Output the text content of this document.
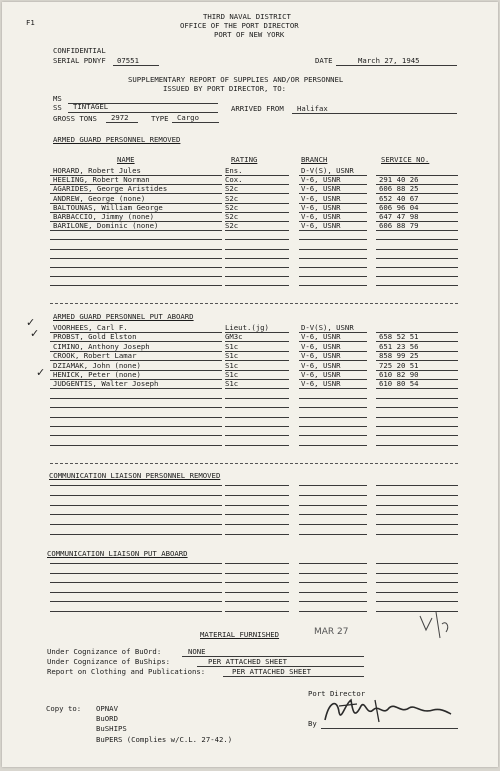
F1
THIRD NAVAL DISTRICT
OFFICE OF THE PORT DIRECTOR
PORT OF NEW YORK
CONFIDENTIAL
SERIAL PDNYF 07551	DATE	March 27, 1945
SUPPLEMENTARY REPORT OF SUPPLIES AND/OR PERSONNEL
ISSUED BY PORT DIRECTOR, TO:
MS
SS TINTAGEL	ARRIVED FROM Halifax
GROSS TONS 2972	TYPE Cargo
ARMED GUARD PERSONNEL REMOVED
NAME	RATING	BRANCH	SERVICE NO.
HORARD, Robert Jules	Ens.	D-V(S), USNR
HEELING, Robert Norman	Cox.	V-6, USNR	291 40 26
AGARIDES, George Aristides	S2c	V-6, USNR	606 88 25
ANDREW, George (none)	S2c	V-6, USNR	652 40 67
BALTOUNAS, William George	S2c	V-6, USNR	606 96 04
BARBACCIO, Jimmy (none)	S2c	V-6, USNR	647 47 98
BARILONE, Dominic (none)	S2c	V-6, USNR	606 88 79
ARMED GUARD PERSONNEL PUT ABOARD
✓
✓
✓
VOORHEES, Carl F.	Lieut.(jg)	D-V(S), USNR
PROBST, Gold Elston	GM3c	V-6, USNR	658 52 51
CIMINO, Anthony Joseph	S1c	V-6, USNR	651 23 56
CROOK, Robert Lamar	S1c	V-6, USNR	858 99 25
DZIAMAK, John (none)	S1c	V-6, USNR	725 20 51
HENICK, Peter (none)	S1c	V-6, USNR	610 82 90
JUDGENTIS, Walter Joseph	S1c	V-6, USNR	610 80 54
COMMUNICATION LIAISON PERSONNEL REMOVED
COMMUNICATION LIAISON PUT ABOARD
MATERIAL FURNISHED	MAR 27
Under Cognizance of BuOrd:	NONE
Under Cognizance of BuShips:	PER ATTACHED SHEET
Report on Clothing and Publications:	PER ATTACHED SHEET
Copy to: OPNAV
BuORD
BuSHIPS
BuPERS (Complies w/C.L. 27-42.)
Port Director
By
